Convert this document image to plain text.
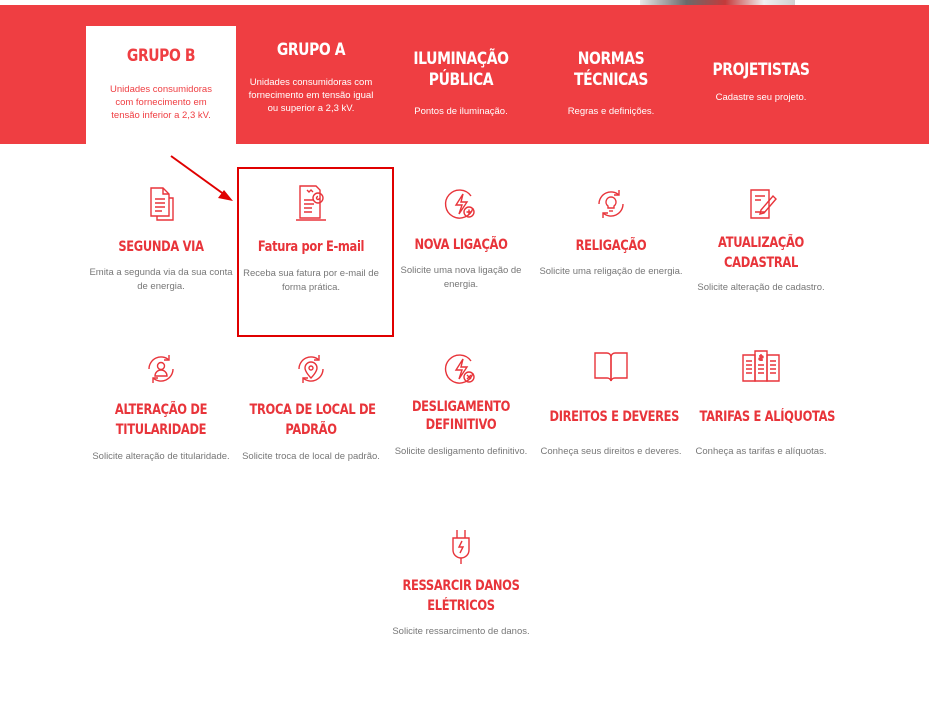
GRUPO B
Unidades consumidoras com fornecimento em tensão inferior a 2,3 kV.
GRUPO A
Unidades consumidoras com fornecimento em tensão igual ou superior a 2,3 kV.
ILUMINAÇÃO
PÚBLICA
Pontos de iluminação.
NORMAS
TÉCNICAS
Regras e definições.
PROJETISTAS
Cadastre seu projeto.
SEGUNDA VIA
Emita a segunda via da sua conta de energia.
Fatura por E-mail
Receba sua fatura por e-mail de forma prática.
NOVA LIGAÇÃO
Solicite uma nova ligação de energia.
RELIGAÇÃO
Solicite uma religação de energia.
ATUALIZAÇÃO
CADASTRAL
Solicite alteração de cadastro.
ALTERAÇÃO DE
TITULARIDADE
Solicite alteração de titularidade.
TROCA DE LOCAL DE
PADRÃO
Solicite troca de local de padrão.
DESLIGAMENTO
DEFINITIVO
Solicite desligamento definitivo.
DIREITOS E DEVERES
Conheça seus direitos e deveres.
TARIFAS E ALÍQUOTAS
Conheça as tarifas e alíquotas.
RESSARCIR DANOS
ELÉTRICOS
Solicite ressarcimento de danos.
